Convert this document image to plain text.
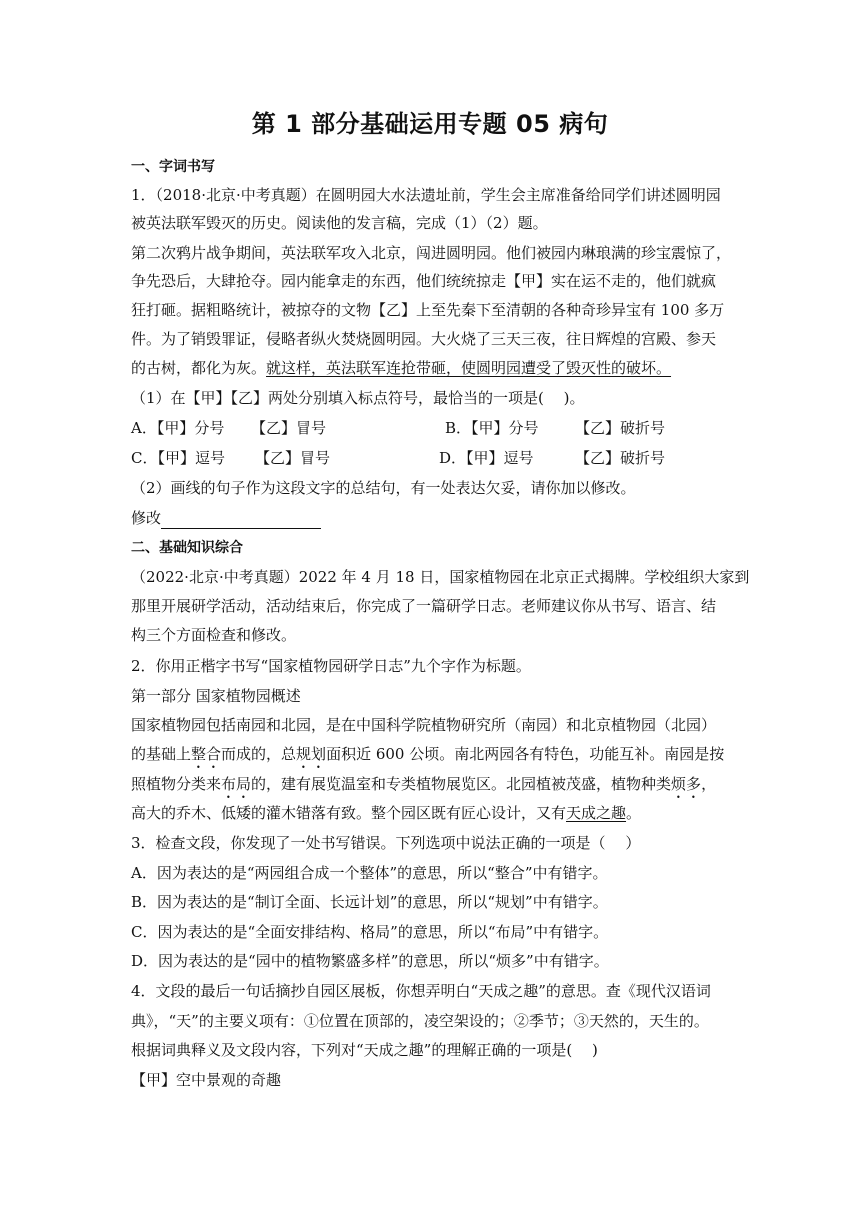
第 1 部分基础运用专题 05 病句
一、字词书写
1．（2018·北京·中考真题）在圆明园大水法遗址前，学生会主席准备给同学们讲述圆明园
被英法联军毁灭的历史。阅读他的发言稿，完成（1）（2）题。
第二次鸦片战争期间，英法联军攻入北京，闯进圆明园。他们被园内琳琅满的珍宝震惊了，
争先恐后，大肆抢夺。园内能拿走的东西，他们统统掠走【甲】实在运不走的，他们就疯
狂打砸。据粗略统计，被掠夺的文物【乙】上至先秦下至清朝的各种奇珍异宝有 100 多万
件。为了销毁罪证，侵略者纵火焚烧圆明园。大火烧了三天三夜，往日辉煌的宫殿、参天
的古树，都化为灰。就这样，英法联军连抢带砸，使圆明园遭受了毁灭性的破坏。
（1）在【甲】【乙】两处分别填入标点符号，最恰当的一项是(　 )。
A．【甲】分号 【乙】冒号	B．【甲】分号 【乙】破折号
C．【甲】逗号 【乙】冒号	D．【甲】逗号	【乙】破折号
（2）画线的句子作为这段文字的总结句，有一处表达欠妥，请你加以修改。
修改
二、基础知识综合
（2022·北京·中考真题）2022 年 4 月 18 日，国家植物园在北京正式揭牌。学校组织大家到
那里开展研学活动，活动结束后，你完成了一篇研学日志。老师建议你从书写、语言、结
构三个方面检查和修改。
2．你用正楷字书写“国家植物园研学日志”九个字作为标题。
第一部分 国家植物园概述
国家植物园包括南园和北园，是在中国科学院植物研究所（南园）和北京植物园（北园）
的基础上整合而成的，总规划面积近 600 公顷。南北两园各有特色，功能互补。南园是按
照植物分类来布局的，建有展览温室和专类植物展览区。北园植被茂盛，植物种类烦多，
高大的乔木、低矮的灌木错落有致。整个园区既有匠心设计，又有天成之趣。
3．检查文段，你发现了一处书写错误。下列选项中说法正确的一项是（　 ）
A．因为表达的是“两园组合成一个整体”的意思，所以“整合”中有错字。
B．因为表达的是“制订全面、长远计划”的意思，所以“规划”中有错字。
C．因为表达的是“全面安排结构、格局”的意思，所以“布局”中有错字。
D．因为表达的是“园中的植物繁盛多样”的意思，所以“烦多”中有错字。
4．文段的最后一句话摘抄自园区展板，你想弄明白“天成之趣”的意思。查《现代汉语词
典》，“天”的主要义项有：①位置在顶部的，凌空架设的；②季节；③天然的，天生的。
根据词典释义及文段内容，下列对“天成之趣”的理解正确的一项是(　 )
【甲】空中景观的奇趣
